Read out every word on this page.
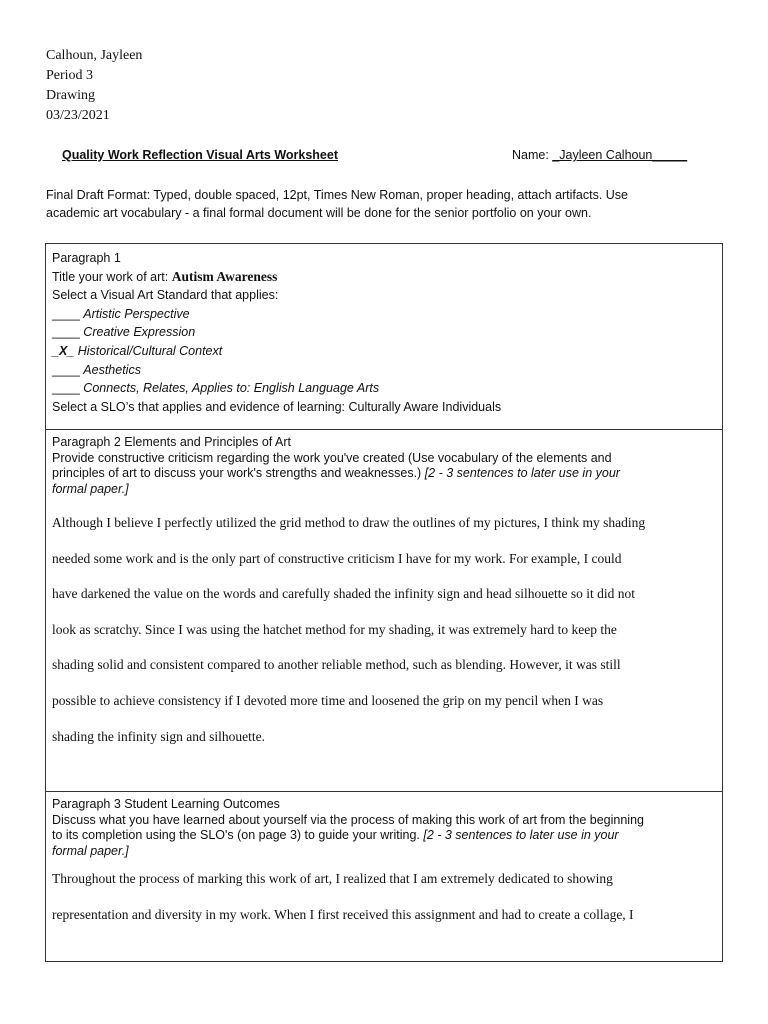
Calhoun, Jayleen
Period 3
Drawing
03/23/2021
Quality Work Reflection Visual Arts Worksheet	Name: _Jayleen Calhoun_____
Final Draft Format: Typed, double spaced, 12pt, Times New Roman, proper heading, attach artifacts. Use
academic art vocabulary - a final formal document will be done for the senior portfolio on your own.
Paragraph 1
Title your work of art: Autism Awareness
Select a Visual Art Standard that applies:
____ Artistic Perspective
____ Creative Expression
_X_ Historical/Cultural Context
____ Aesthetics
____ Connects, Relates, Applies to: English Language Arts
Select a SLO’s that applies and evidence of learning: Culturally Aware Individuals
Paragraph 2 Elements and Principles of Art
Provide constructive criticism regarding the work you've created (Use vocabulary of the elements and
principles of art to discuss your work's strengths and weaknesses.) [2 - 3 sentences to later use in your
formal paper.]
Although I believe I perfectly utilized the grid method to draw the outlines of my pictures, I think my shading
needed some work and is the only part of constructive criticism I have for my work. For example, I could
have darkened the value on the words and carefully shaded the infinity sign and head silhouette so it did not
look as scratchy. Since I was using the hatchet method for my shading, it was extremely hard to keep the
shading solid and consistent compared to another reliable method, such as blending. However, it was still
possible to achieve consistency if I devoted more time and loosened the grip on my pencil when I was
shading the infinity sign and silhouette.
Paragraph 3 Student Learning Outcomes
Discuss what you have learned about yourself via the process of making this work of art from the beginning
to its completion using the SLO's (on page 3) to guide your writing. [2 - 3 sentences to later use in your
formal paper.]
Throughout the process of marking this work of art, I realized that I am extremely dedicated to showing
representation and diversity in my work. When I first received this assignment and had to create a collage, I
